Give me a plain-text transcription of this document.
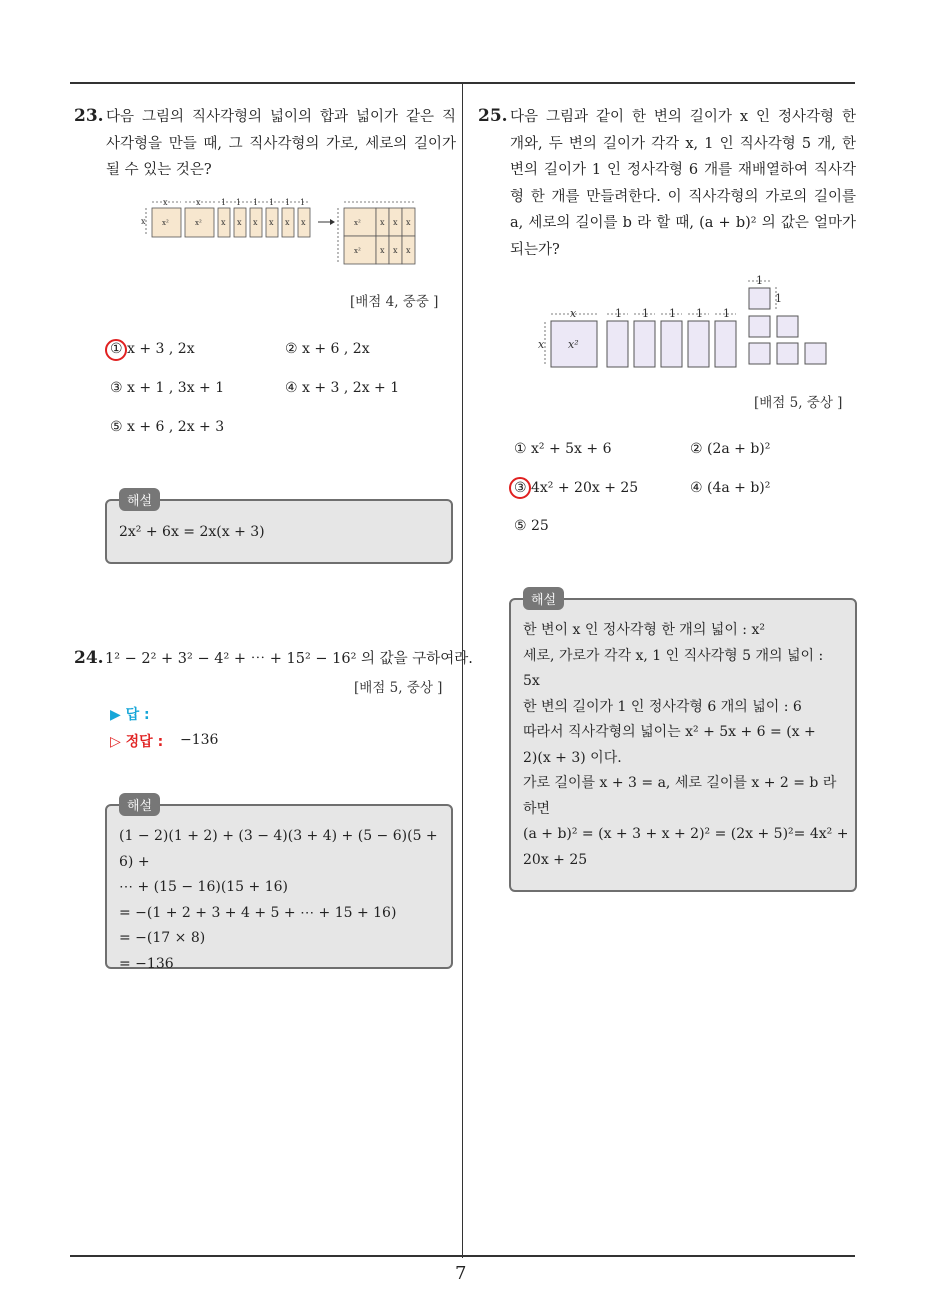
7
23. 다음 그림의 직사각형의 넓이의 합과 넓이가 같은 직
사각형을 만들 때, 그 직사각형의 가로, 세로의 길이가
될 수 있는 것은?
x	x	1 1 1 1 1 1
x x²	x² x x x x x x	x²
x²
x x x
x x x
[배점 4, 중중 ]
① x + 3 , 2x	② x + 6 , 2x
③ x + 1 , 3x + 1	④ x + 3 , 2x + 1
⑤ x + 6 , 2x + 3
2x² + 6x = 2x(x + 3)
해설
24. 1² − 2² + 3² − 4² + ⋯ + 15² − 16² 의 값을 구하여라.
[배점 5, 중상 ]
▶ 답 :
▷ 정답 : −136
(1 − 2)(1 + 2) + (3 − 4)(3 + 4) + (5 − 6)(5 + 6) +
⋯ + (15 − 16)(15 + 16)
= −(1 + 2 + 3 + 4 + 5 + ⋯ + 15 + 16)
= −(17 × 8)
= −136
해설
25. 다음 그림과 같이 한 변의 길이가 x 인 정사각형 한
개와, 두 변의 길이가 각각 x, 1 인 직사각형 5 개, 한
변의 길이가 1 인 정사각형 6 개를 재배열하여 직사각
형 한 개를 만들려한다. 이 직사각형의 가로의 길이를
a, 세로의 길이를 b 라 할 때, (a + b)² 의 값은 얼마가
되는가?
x	1 1 1 1 1
1
1
x x²
[배점 5, 중상 ]
① x² + 5x + 6	② (2a + b)²
③ 4x² + 20x + 25	④ (4a + b)²
⑤ 25
한 변이 x 인 정사각형 한 개의 넓이 : x²
세로, 가로가 각각 x, 1 인 직사각형 5 개의 넓이 :
5x
한 변의 길이가 1 인 정사각형 6 개의 넓이 : 6
따라서 직사각형의 넓이는 x² + 5x + 6 = (x +
2)(x + 3) 이다.
가로 길이를 x + 3 = a, 세로 길이를 x + 2 = b 라
하면
(a + b)² = (x + 3 + x + 2)² = (2x + 5)²= 4x² +
20x + 25
해설
